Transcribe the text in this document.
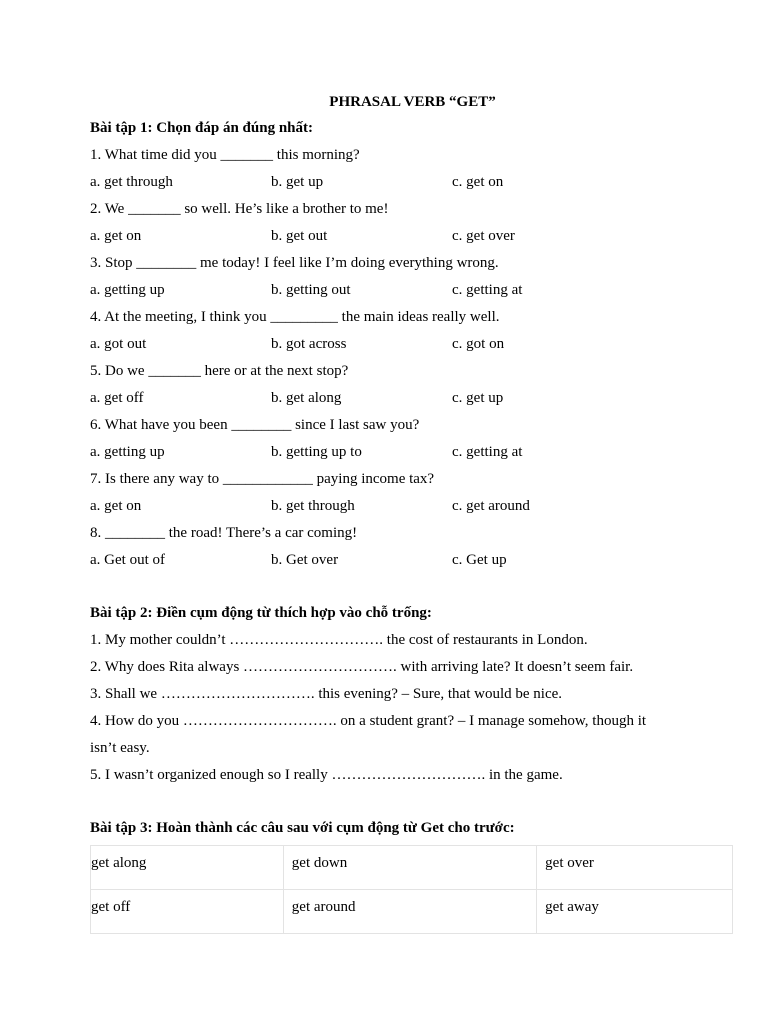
PHRASAL VERB “GET”
Bài tập 1: Chọn đáp án đúng nhất:
1. What time did you _______ this morning?
a. get through	b. get up	c. get on
2. We _______ so well. He’s like a brother to me!
a. get on	b. get out	c. get over
3. Stop ________ me today! I feel like I’m doing everything wrong.
a. getting up	b. getting out	c. getting at
4. At the meeting, I think you _________ the main ideas really well.
a. got out	b. got across	c. got on
5. Do we _______ here or at the next stop?
a. get off	b. get along	c. get up
6. What have you been ________ since I last saw you?
a. getting up	b. getting up to	c. getting at
7. Is there any way to ____________ paying income tax?
a. get on	b. get through	c. get around
8. ________ the road! There’s a car coming!
a. Get out of	b. Get over	c. Get up
Bài tập 2: Điền cụm động từ thích hợp vào chỗ trống:
1. My mother couldn’t …………………………. the cost of restaurants in London.
2. Why does Rita always …………………………. with arriving late? It doesn’t seem fair.
3. Shall we …………………………. this evening? – Sure, that would be nice.
4. How do you …………………………. on a student grant? – I manage somehow, though it
isn’t easy.
5. I wasn’t organized enough so I really …………………………. in the game.
Bài tập 3: Hoàn thành các câu sau với cụm động từ Get cho trước:
get along	get down	get over
get off	get around	get away
